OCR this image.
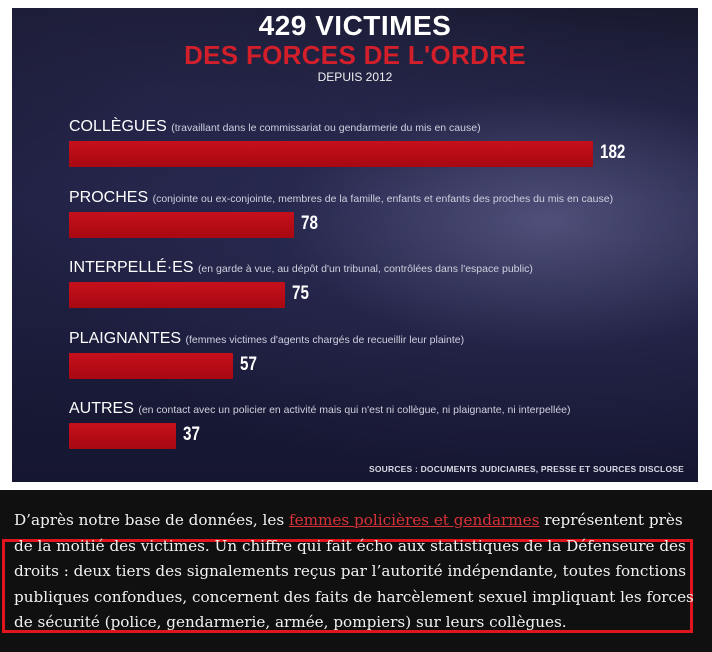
429 VICTIMES
DES FORCES DE L'ORDRE
DEPUIS 2012
COLLÈGUES (travaillant dans le commissariat ou gendarmerie du mis en cause)
182
PROCHES (conjointe ou ex-conjointe, membres de la famille, enfants et enfants des proches du mis en cause)
78
INTERPELLÉ·ES (en garde à vue, au dépôt d'un tribunal, contrôlées dans l'espace public)
75
PLAIGNANTES (femmes victimes d'agents chargés de recueillir leur plainte)
57
AUTRES (en contact avec un policier en activité mais qui n'est ni collègue, ni plaignante, ni interpellée)
37
SOURCES : DOCUMENTS JUDICIAIRES, PRESSE ET SOURCES DISCLOSE
D’après notre base de données, les femmes policières et gendarmes représentent près de la moitié des victimes. Un chiffre qui fait écho aux statistiques de la Défenseure des droits : deux tiers des signalements reçus par l’autorité indépendante, toutes fonctions publiques confondues, concernent des faits de harcèlement sexuel impliquant les forces de sécurité (police, gendarmerie, armée, pompiers) sur leurs collègues.
